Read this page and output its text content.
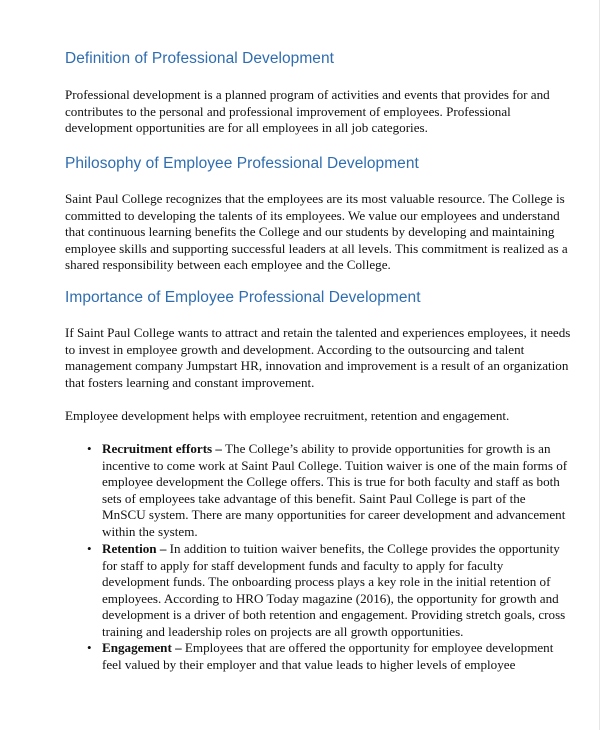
Definition of Professional Development
Professional development is a planned program of activities and events that provides for and
contributes to the personal and professional improvement of employees. Professional
development opportunities are for all employees in all job categories.
Philosophy of Employee Professional Development
Saint Paul College recognizes that the employees are its most valuable resource. The College is
committed to developing the talents of its employees. We value our employees and understand
that continuous learning benefits the College and our students by developing and maintaining
employee skills and supporting successful leaders at all levels. This commitment is realized as a
shared responsibility between each employee and the College.
Importance of Employee Professional Development
If Saint Paul College wants to attract and retain the talented and experiences employees, it needs
to invest in employee growth and development. According to the outsourcing and talent
management company Jumpstart HR, innovation and improvement is a result of an organization
that fosters learning and constant improvement.
Employee development helps with employee recruitment, retention and engagement.
• Recruitment efforts – The College’s ability to provide opportunities for growth is an
incentive to come work at Saint Paul College. Tuition waiver is one of the main forms of
employee development the College offers. This is true for both faculty and staff as both
sets of employees take advantage of this benefit. Saint Paul College is part of the
MnSCU system. There are many opportunities for career development and advancement
within the system.
• Retention – In addition to tuition waiver benefits, the College provides the opportunity
for staff to apply for staff development funds and faculty to apply for faculty
development funds. The onboarding process plays a key role in the initial retention of
employees. According to HRO Today magazine (2016), the opportunity for growth and
development is a driver of both retention and engagement. Providing stretch goals, cross
training and leadership roles on projects are all growth opportunities.
• Engagement – Employees that are offered the opportunity for employee development
feel valued by their employer and that value leads to higher levels of employee
